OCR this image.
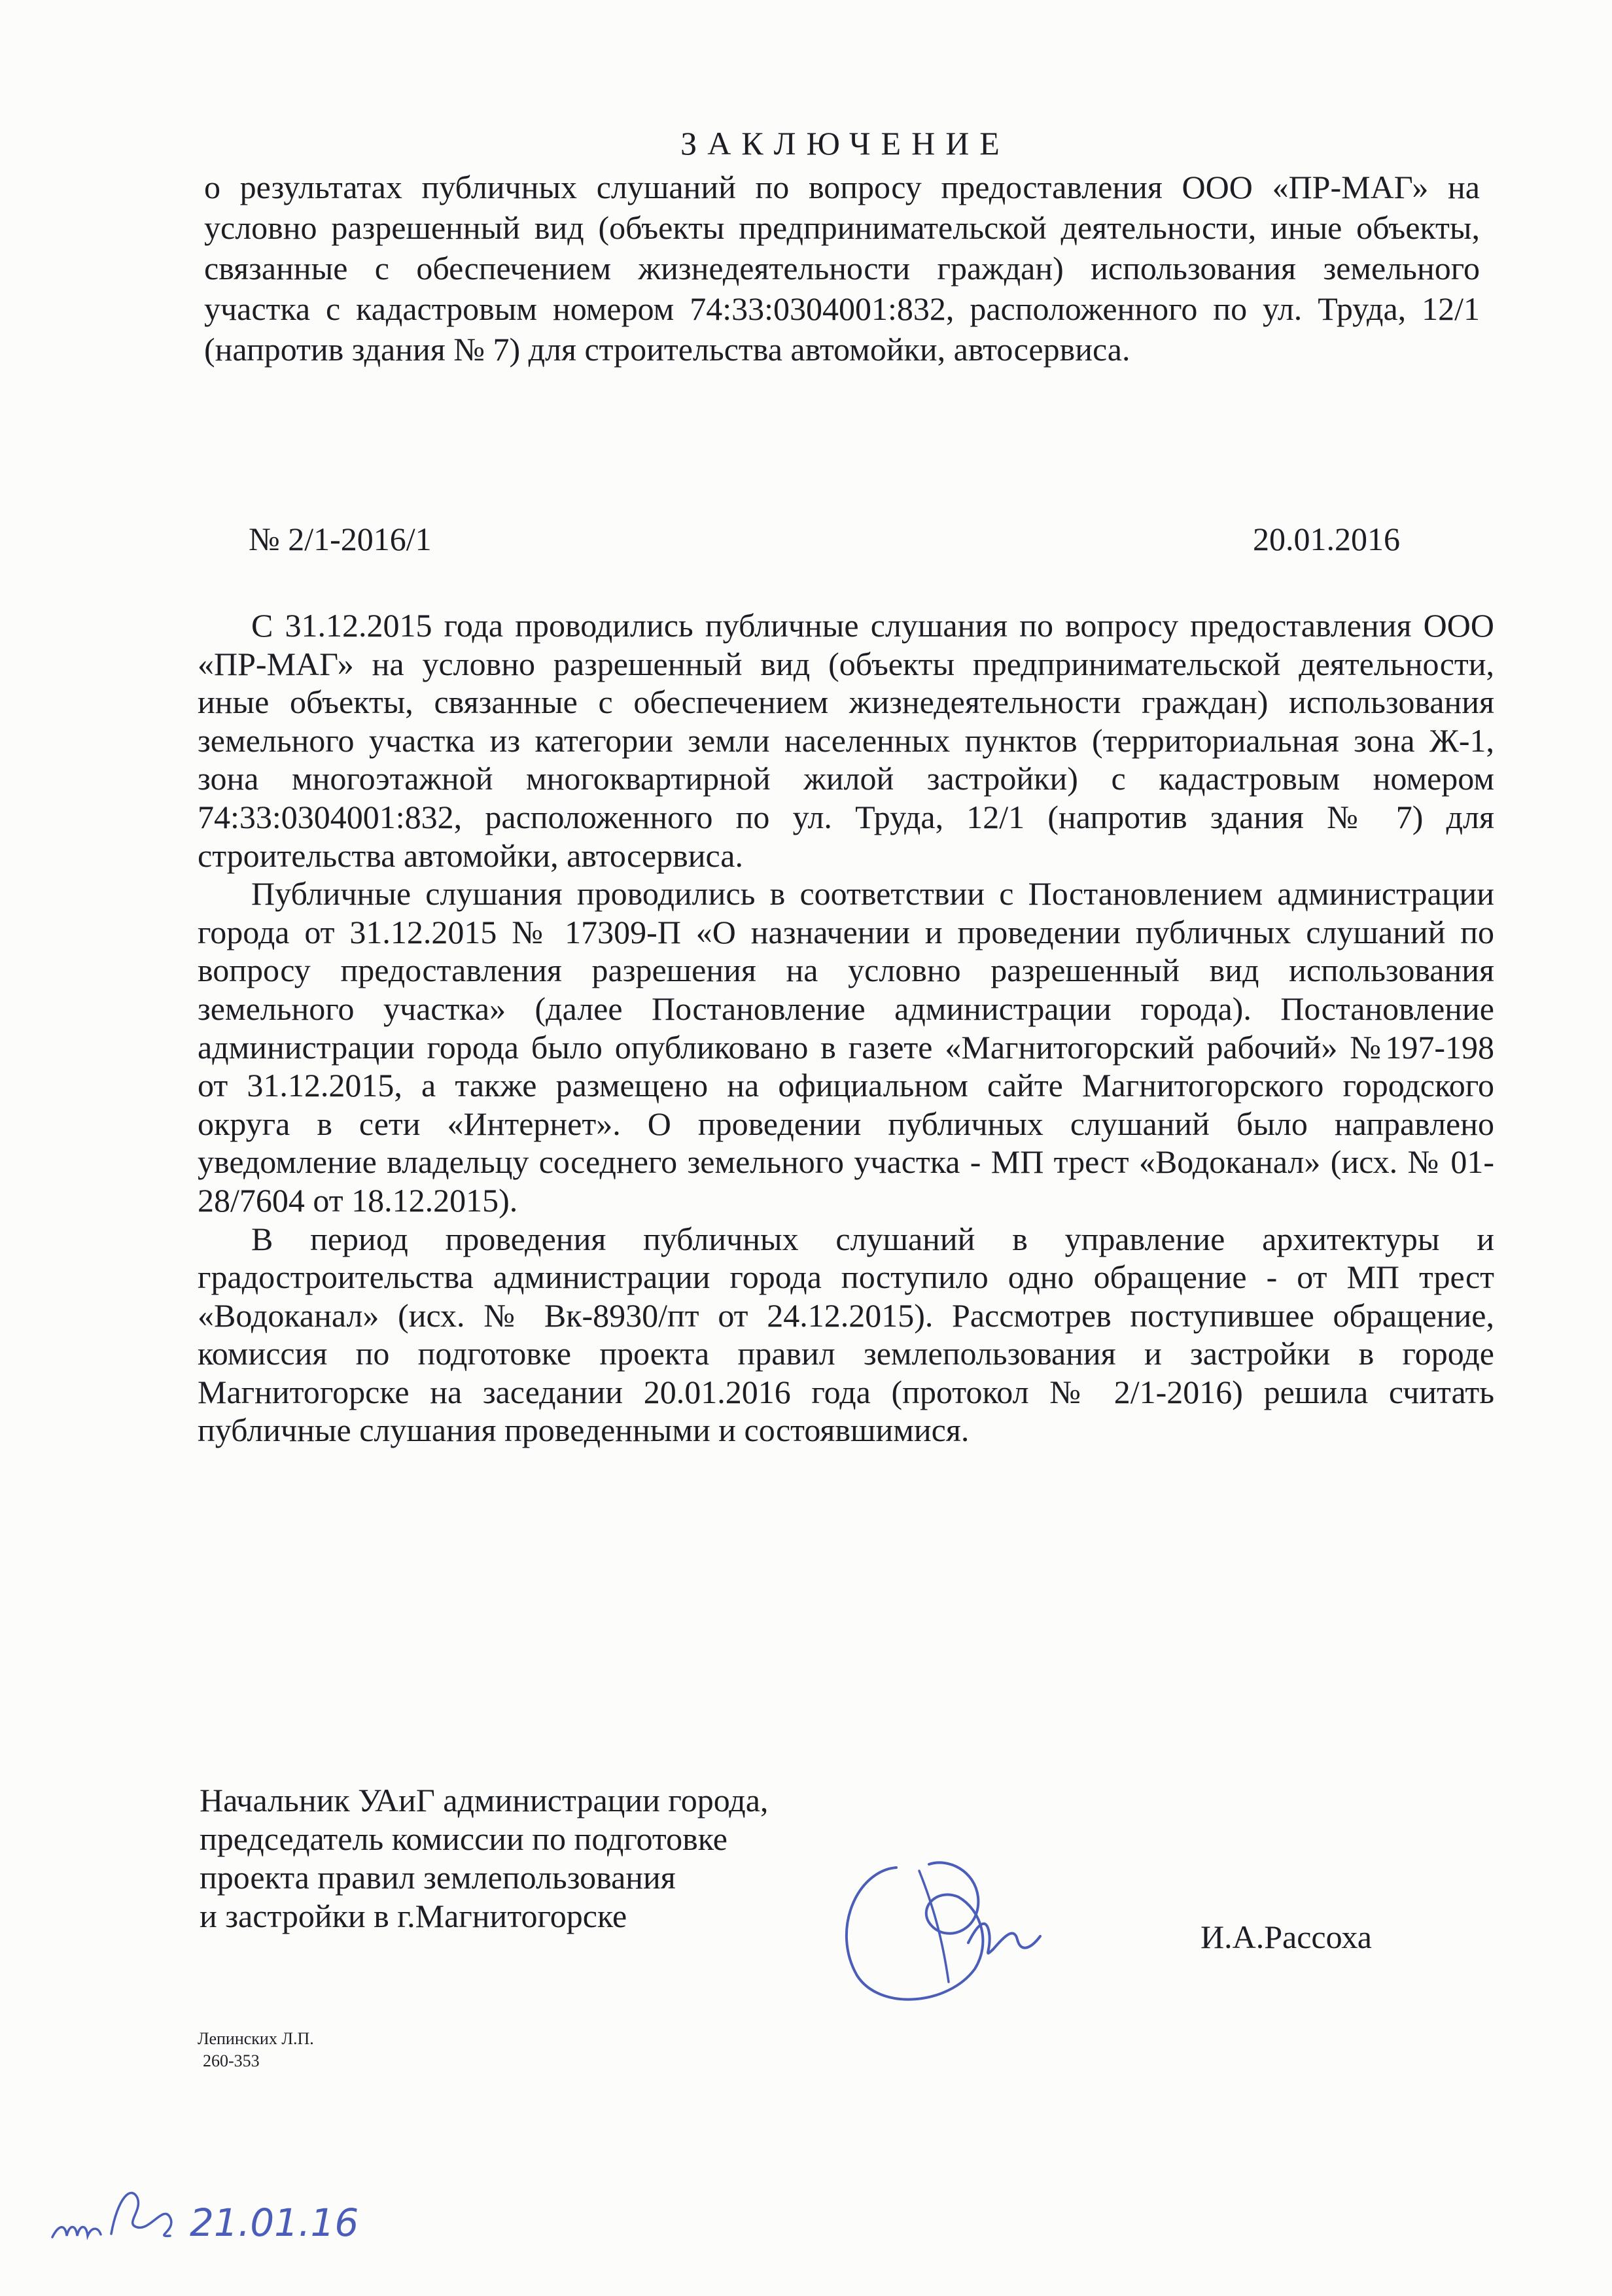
ЗАКЛЮЧЕНИЕ
о результатах публичных слушаний по вопросу предоставления ООО «ПР-МАГ» на условно разрешенный вид (объекты предпринимательской деятельности, иные объекты, связанные с обеспечением жизнедеятельности граждан) использования земельного участка с кадастровым номером 74:33:0304001:832, расположенного по ул. Труда, 12/1 (напротив здания № 7) для строительства автомойки, автосервиса.
№ 2/1-2016/1	20.01.2016

С 31.12.2015 года проводились публичные слушания по вопросу предоставления ООО «ПР-МАГ» на условно разрешенный вид (объекты предпринимательской деятельности, иные объекты, связанные с обеспечением жизнедеятельности граждан) использования земельного участка из категории земли населенных пунктов (территориальная зона Ж-1, зона многоэтажной многоквартирной жилой застройки) с кадастровым номером 74:33:0304001:832, расположенного по ул. Труда, 12/1 (напротив здания № 7) для строительства автомойки, автосервиса.

Публичные слушания проводились в соответствии с Постановлением администрации города от 31.12.2015 № 17309-П «О назначении и проведении публичных слушаний по вопросу предоставления разрешения на условно разрешенный вид использования земельного участка» (далее Постановление администрации города). Постановление администрации города было опубликовано в газете «Магнитогорский рабочий» №197-198 от 31.12.2015, а также размещено на официальном сайте Магнитогорского городского округа в сети «Интернет». О проведении публичных слушаний было направлено уведомление владельцу соседнего земельного участка - МП трест «Водоканал» (исх. № 01-28/7604 от 18.12.2015).

В период проведения публичных слушаний в управление архитектуры и градостроительства администрации города поступило одно обращение - от МП трест «Водоканал» (исх. № Вк-8930/пт от 24.12.2015). Рассмотрев поступившее обращение, комиссия по подготовке проекта правил землепользования и застройки в городе Магнитогорске на заседании 20.01.2016 года (протокол № 2/1-2016) решила считать публичные слушания проведенными и состоявшимися.

Начальник УАиГ администрации города,
председатель комиссии по подготовке
проекта правил землепользования
и застройки в г.Магнитогорске
И.А.Рассоха
Лепинских Л.П.
260-353
21.01.16
